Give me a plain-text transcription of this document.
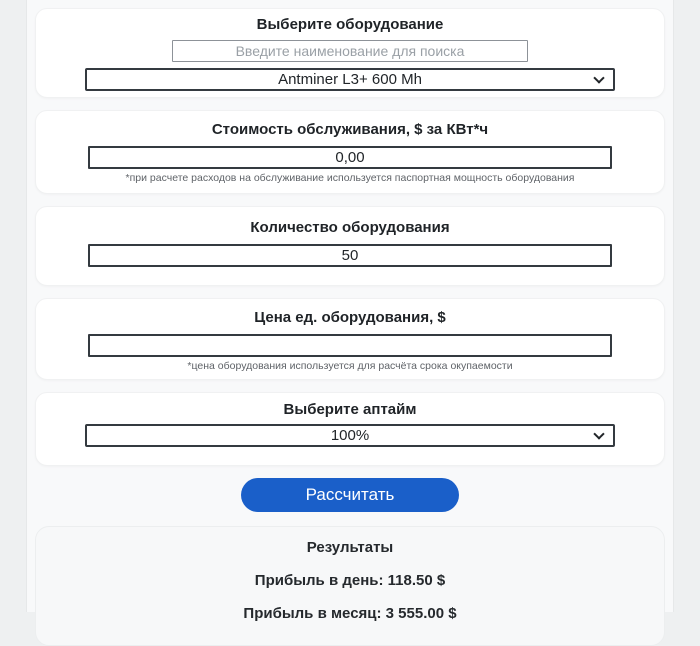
Выберите оборудование
Введите наименование для поиска
Antminer L3+ 600 Mh
Стоимость обслуживания, $ за КВт*ч
0,00
*при расчете расходов на обслуживание используется паспортная мощность оборудования
Количество оборудования
50
Цена ед. оборудования, $
*цена оборудования используется для расчёта срока окупаемости
Выберите аптайм
100%
Рассчитать
Результаты
Прибыль в день: 118.50 $
Прибыль в месяц: 3 555.00 $
